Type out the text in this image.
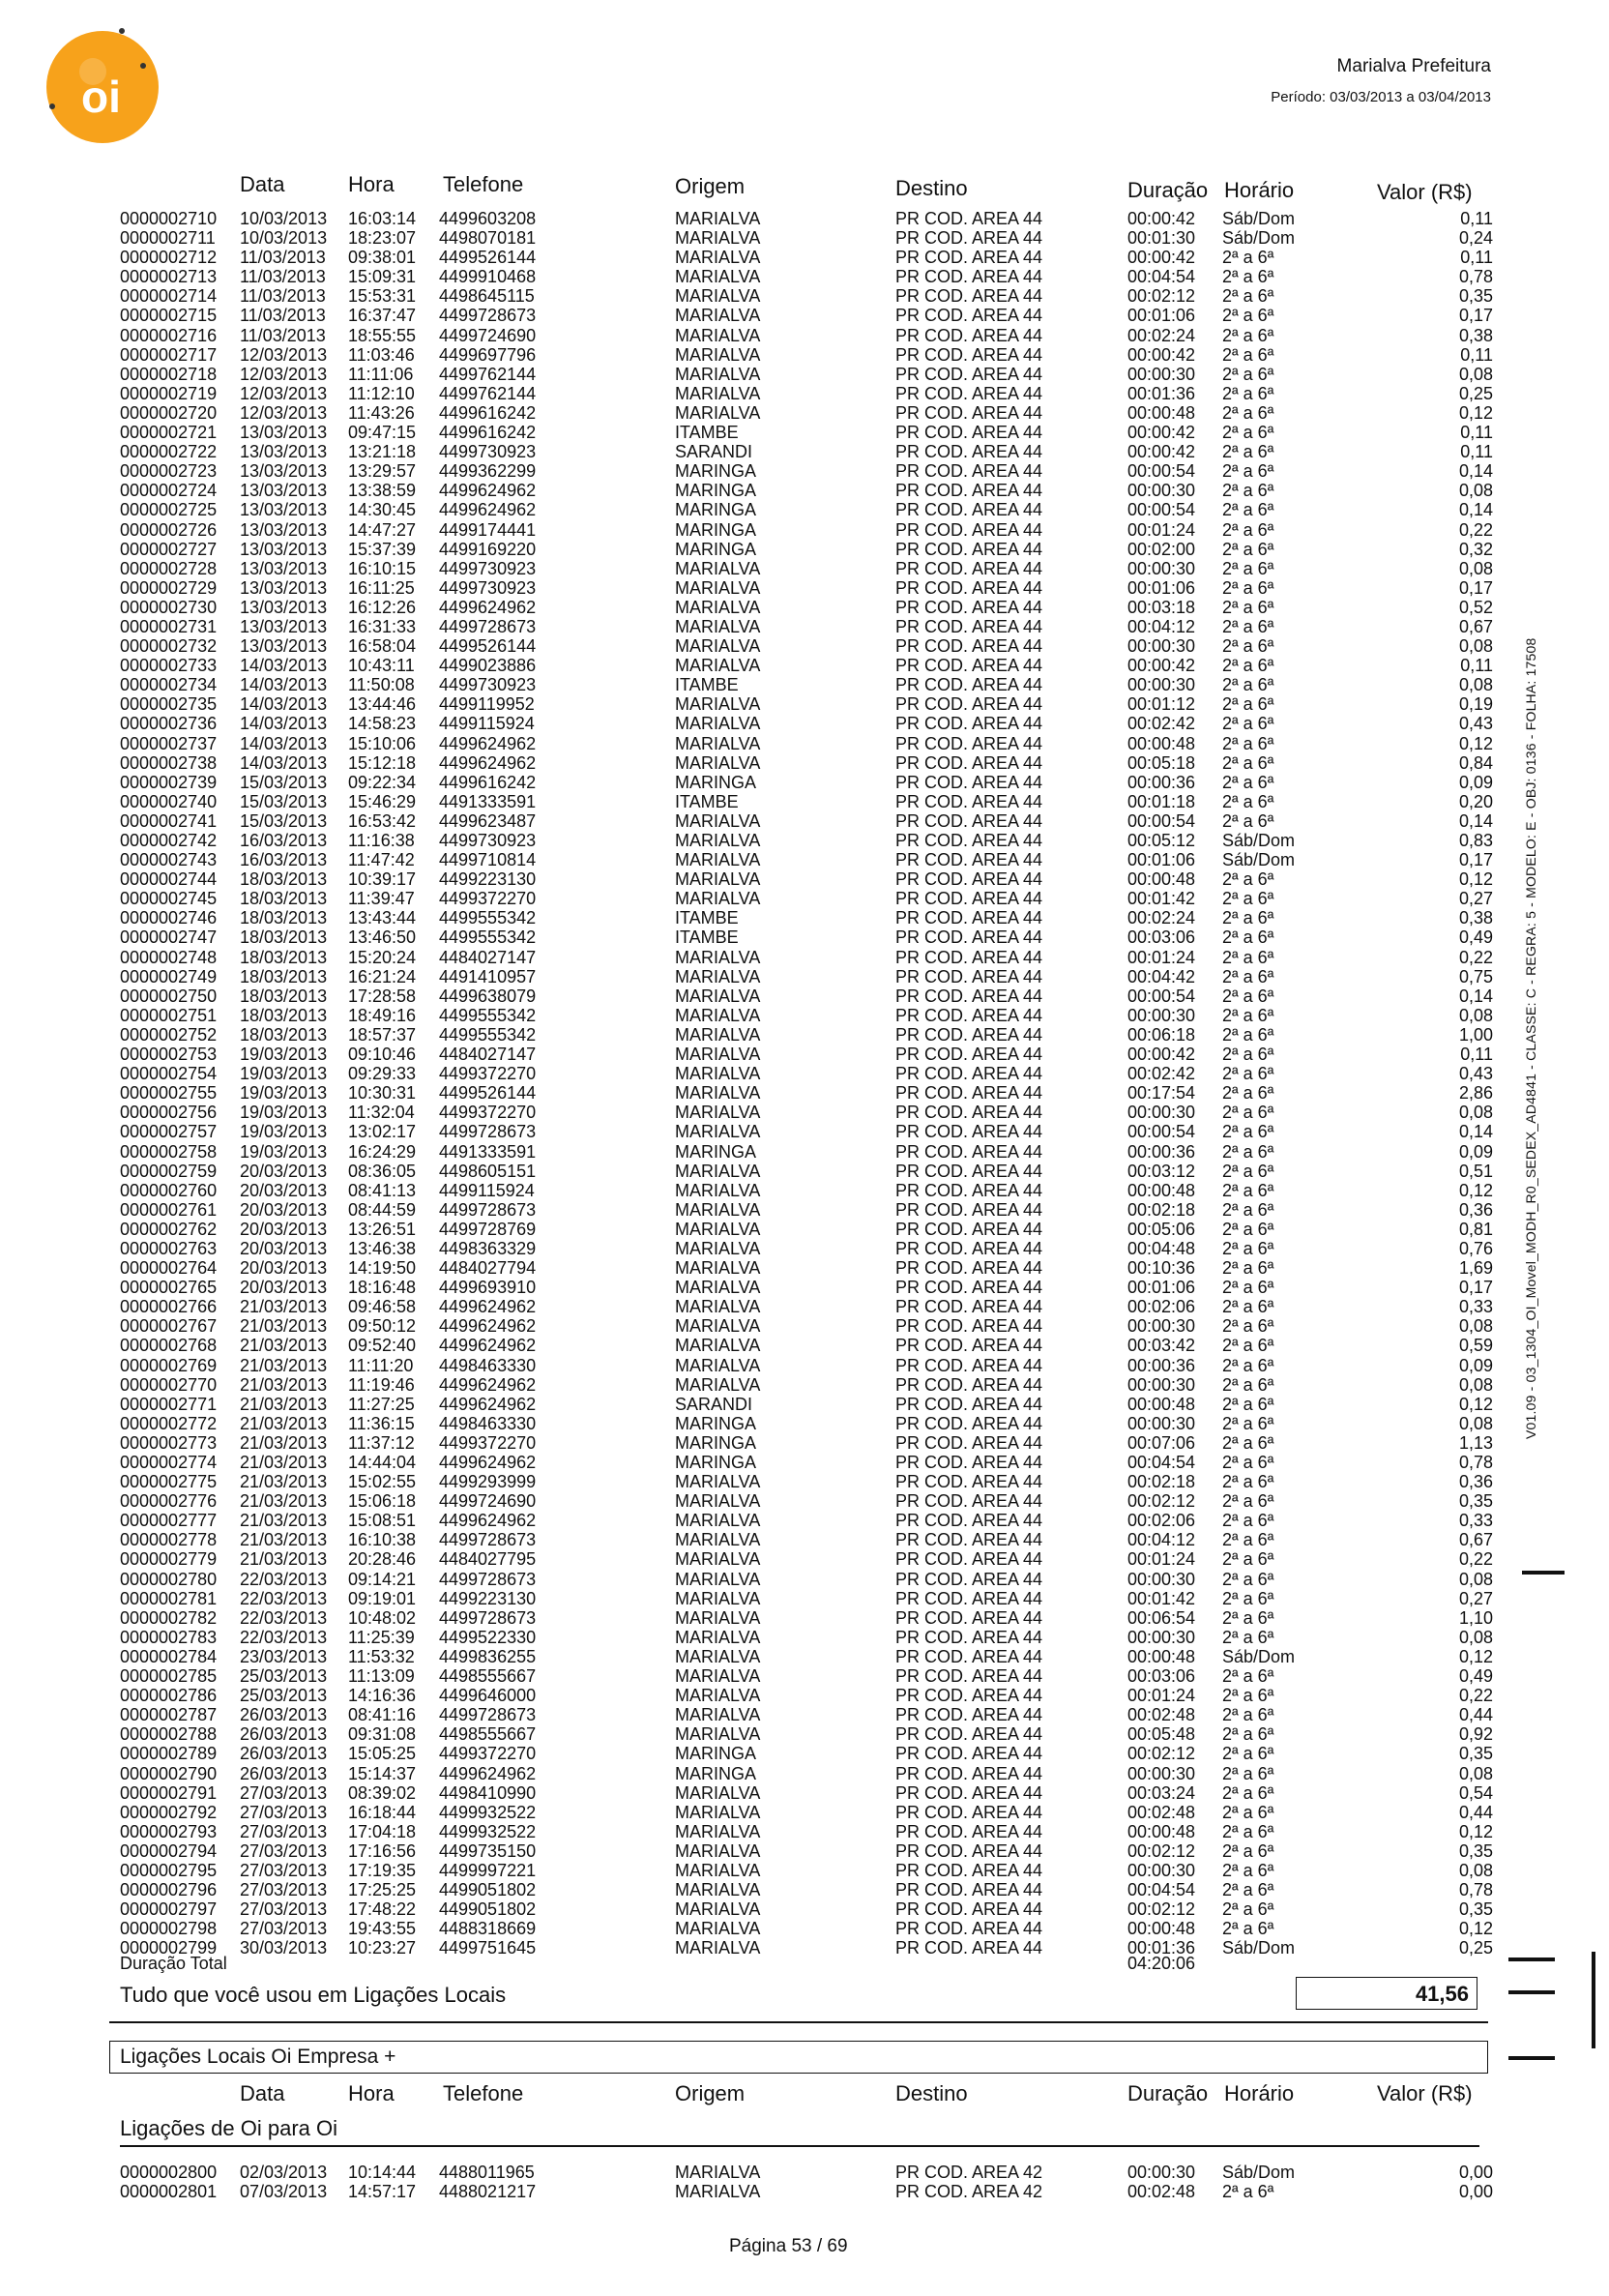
oi
Marialva Prefeitura
Período: 03/03/2013 a 03/04/2013
V01.09 - 03_1304_OI_Movel_MODH_R0_SEDEX_AD4841 - CLASSE: C - REGRA: 5 - MODELO: E - OBJ: 0136 - FOLHA: 17508
Data	Hora Telefone	Origem	Destino	Duração Horário	Valor (R$)
0000002710 10/03/2013 16:03:14 4499603208	MARIALVA	PR COD. AREA 44	00:00:42 Sáb/Dom	0,11
0000002711 10/03/2013 18:23:07 4498070181	MARIALVA	PR COD. AREA 44	00:01:30 Sáb/Dom	0,24
0000002712 11/03/2013 09:38:01 4499526144	MARIALVA	PR COD. AREA 44	00:00:42 2ª a 6ª	0,11
0000002713 11/03/2013 15:09:31 4499910468	MARIALVA	PR COD. AREA 44	00:04:54 2ª a 6ª	0,78
0000002714 11/03/2013 15:53:31 4498645115	MARIALVA	PR COD. AREA 44	00:02:12 2ª a 6ª	0,35
0000002715 11/03/2013 16:37:47 4499728673	MARIALVA	PR COD. AREA 44	00:01:06 2ª a 6ª	0,17
0000002716 11/03/2013 18:55:55 4499724690	MARIALVA	PR COD. AREA 44	00:02:24 2ª a 6ª	0,38
0000002717 12/03/2013 11:03:46 4499697796	MARIALVA	PR COD. AREA 44	00:00:42 2ª a 6ª	0,11
0000002718 12/03/2013 11:11:06 4499762144	MARIALVA	PR COD. AREA 44	00:00:30 2ª a 6ª	0,08
0000002719 12/03/2013 11:12:10 4499762144	MARIALVA	PR COD. AREA 44	00:01:36 2ª a 6ª	0,25
0000002720 12/03/2013 11:43:26 4499616242	MARIALVA	PR COD. AREA 44	00:00:48 2ª a 6ª	0,12
0000002721 13/03/2013 09:47:15 4499616242	ITAMBE	PR COD. AREA 44	00:00:42 2ª a 6ª	0,11
0000002722 13/03/2013 13:21:18 4499730923	SARANDI	PR COD. AREA 44	00:00:42 2ª a 6ª	0,11
0000002723 13/03/2013 13:29:57 4499362299	MARINGA	PR COD. AREA 44	00:00:54 2ª a 6ª	0,14
0000002724 13/03/2013 13:38:59 4499624962	MARINGA	PR COD. AREA 44	00:00:30 2ª a 6ª	0,08
0000002725 13/03/2013 14:30:45 4499624962	MARINGA	PR COD. AREA 44	00:00:54 2ª a 6ª	0,14
0000002726 13/03/2013 14:47:27 4499174441	MARINGA	PR COD. AREA 44	00:01:24 2ª a 6ª	0,22
0000002727 13/03/2013 15:37:39 4499169220	MARINGA	PR COD. AREA 44	00:02:00 2ª a 6ª	0,32
0000002728 13/03/2013 16:10:15 4499730923	MARIALVA	PR COD. AREA 44	00:00:30 2ª a 6ª	0,08
0000002729 13/03/2013 16:11:25 4499730923	MARIALVA	PR COD. AREA 44	00:01:06 2ª a 6ª	0,17
0000002730 13/03/2013 16:12:26 4499624962	MARIALVA	PR COD. AREA 44	00:03:18 2ª a 6ª	0,52
0000002731 13/03/2013 16:31:33 4499728673	MARIALVA	PR COD. AREA 44	00:04:12 2ª a 6ª	0,67
0000002732 13/03/2013 16:58:04 4499526144	MARIALVA	PR COD. AREA 44	00:00:30 2ª a 6ª	0,08
0000002733 14/03/2013 10:43:11 4499023886	MARIALVA	PR COD. AREA 44	00:00:42 2ª a 6ª	0,11
0000002734 14/03/2013 11:50:08 4499730923	ITAMBE	PR COD. AREA 44	00:00:30 2ª a 6ª	0,08
0000002735 14/03/2013 13:44:46 4499119952	MARIALVA	PR COD. AREA 44	00:01:12 2ª a 6ª	0,19
0000002736 14/03/2013 14:58:23 4499115924	MARIALVA	PR COD. AREA 44	00:02:42 2ª a 6ª	0,43
0000002737 14/03/2013 15:10:06 4499624962	MARIALVA	PR COD. AREA 44	00:00:48 2ª a 6ª	0,12
0000002738 14/03/2013 15:12:18 4499624962	MARIALVA	PR COD. AREA 44	00:05:18 2ª a 6ª	0,84
0000002739 15/03/2013 09:22:34 4499616242	MARINGA	PR COD. AREA 44	00:00:36 2ª a 6ª	0,09
0000002740 15/03/2013 15:46:29 4491333591	ITAMBE	PR COD. AREA 44	00:01:18 2ª a 6ª	0,20
0000002741 15/03/2013 16:53:42 4499623487	MARIALVA	PR COD. AREA 44	00:00:54 2ª a 6ª	0,14
0000002742 16/03/2013 11:16:38 4499730923	MARIALVA	PR COD. AREA 44	00:05:12 Sáb/Dom	0,83
0000002743 16/03/2013 11:47:42 4499710814	MARIALVA	PR COD. AREA 44	00:01:06 Sáb/Dom	0,17
0000002744 18/03/2013 10:39:17 4499223130	MARIALVA	PR COD. AREA 44	00:00:48 2ª a 6ª	0,12
0000002745 18/03/2013 11:39:47 4499372270	MARIALVA	PR COD. AREA 44	00:01:42 2ª a 6ª	0,27
0000002746 18/03/2013 13:43:44 4499555342	ITAMBE	PR COD. AREA 44	00:02:24 2ª a 6ª	0,38
0000002747 18/03/2013 13:46:50 4499555342	ITAMBE	PR COD. AREA 44	00:03:06 2ª a 6ª	0,49
0000002748 18/03/2013 15:20:24 4484027147	MARIALVA	PR COD. AREA 44	00:01:24 2ª a 6ª	0,22
0000002749 18/03/2013 16:21:24 4491410957	MARIALVA	PR COD. AREA 44	00:04:42 2ª a 6ª	0,75
0000002750 18/03/2013 17:28:58 4499638079	MARIALVA	PR COD. AREA 44	00:00:54 2ª a 6ª	0,14
0000002751 18/03/2013 18:49:16 4499555342	MARIALVA	PR COD. AREA 44	00:00:30 2ª a 6ª	0,08
0000002752 18/03/2013 18:57:37 4499555342	MARIALVA	PR COD. AREA 44	00:06:18 2ª a 6ª	1,00
0000002753 19/03/2013 09:10:46 4484027147	MARIALVA	PR COD. AREA 44	00:00:42 2ª a 6ª	0,11
0000002754 19/03/2013 09:29:33 4499372270	MARIALVA	PR COD. AREA 44	00:02:42 2ª a 6ª	0,43
0000002755 19/03/2013 10:30:31 4499526144	MARIALVA	PR COD. AREA 44	00:17:54 2ª a 6ª	2,86
0000002756 19/03/2013 11:32:04 4499372270	MARIALVA	PR COD. AREA 44	00:00:30 2ª a 6ª	0,08
0000002757 19/03/2013 13:02:17 4499728673	MARIALVA	PR COD. AREA 44	00:00:54 2ª a 6ª	0,14
0000002758 19/03/2013 16:24:29 4491333591	MARINGA	PR COD. AREA 44	00:00:36 2ª a 6ª	0,09
0000002759 20/03/2013 08:36:05 4498605151	MARIALVA	PR COD. AREA 44	00:03:12 2ª a 6ª	0,51
0000002760 20/03/2013 08:41:13 4499115924	MARIALVA	PR COD. AREA 44	00:00:48 2ª a 6ª	0,12
0000002761 20/03/2013 08:44:59 4499728673	MARIALVA	PR COD. AREA 44	00:02:18 2ª a 6ª	0,36
0000002762 20/03/2013 13:26:51 4499728769	MARIALVA	PR COD. AREA 44	00:05:06 2ª a 6ª	0,81
0000002763 20/03/2013 13:46:38 4498363329	MARIALVA	PR COD. AREA 44	00:04:48 2ª a 6ª	0,76
0000002764 20/03/2013 14:19:50 4484027794	MARIALVA	PR COD. AREA 44	00:10:36 2ª a 6ª	1,69
0000002765 20/03/2013 18:16:48 4499693910	MARIALVA	PR COD. AREA 44	00:01:06 2ª a 6ª	0,17
0000002766 21/03/2013 09:46:58 4499624962	MARIALVA	PR COD. AREA 44	00:02:06 2ª a 6ª	0,33
0000002767 21/03/2013 09:50:12 4499624962	MARIALVA	PR COD. AREA 44	00:00:30 2ª a 6ª	0,08
0000002768 21/03/2013 09:52:40 4499624962	MARIALVA	PR COD. AREA 44	00:03:42 2ª a 6ª	0,59
0000002769 21/03/2013 11:11:20 4498463330	MARIALVA	PR COD. AREA 44	00:00:36 2ª a 6ª	0,09
0000002770 21/03/2013 11:19:46 4499624962	MARIALVA	PR COD. AREA 44	00:00:30 2ª a 6ª	0,08
0000002771 21/03/2013 11:27:25 4499624962	SARANDI	PR COD. AREA 44	00:00:48 2ª a 6ª	0,12
0000002772 21/03/2013 11:36:15 4498463330	MARINGA	PR COD. AREA 44	00:00:30 2ª a 6ª	0,08
0000002773 21/03/2013 11:37:12 4499372270	MARINGA	PR COD. AREA 44	00:07:06 2ª a 6ª	1,13
0000002774 21/03/2013 14:44:04 4499624962	MARINGA	PR COD. AREA 44	00:04:54 2ª a 6ª	0,78
0000002775 21/03/2013 15:02:55 4499293999	MARIALVA	PR COD. AREA 44	00:02:18 2ª a 6ª	0,36
0000002776 21/03/2013 15:06:18 4499724690	MARIALVA	PR COD. AREA 44	00:02:12 2ª a 6ª	0,35
0000002777 21/03/2013 15:08:51 4499624962	MARIALVA	PR COD. AREA 44	00:02:06 2ª a 6ª	0,33
0000002778 21/03/2013 16:10:38 4499728673	MARIALVA	PR COD. AREA 44	00:04:12 2ª a 6ª	0,67
0000002779 21/03/2013 20:28:46 4484027795	MARIALVA	PR COD. AREA 44	00:01:24 2ª a 6ª	0,22
0000002780 22/03/2013 09:14:21 4499728673	MARIALVA	PR COD. AREA 44	00:00:30 2ª a 6ª	0,08
0000002781 22/03/2013 09:19:01 4499223130	MARIALVA	PR COD. AREA 44	00:01:42 2ª a 6ª	0,27
0000002782 22/03/2013 10:48:02 4499728673	MARIALVA	PR COD. AREA 44	00:06:54 2ª a 6ª	1,10
0000002783 22/03/2013 11:25:39 4499522330	MARIALVA	PR COD. AREA 44	00:00:30 2ª a 6ª	0,08
0000002784 23/03/2013 11:53:32 4499836255	MARIALVA	PR COD. AREA 44	00:00:48 Sáb/Dom	0,12
0000002785 25/03/2013 11:13:09 4498555667	MARIALVA	PR COD. AREA 44	00:03:06 2ª a 6ª	0,49
0000002786 25/03/2013 14:16:36 4499646000	MARIALVA	PR COD. AREA 44	00:01:24 2ª a 6ª	0,22
0000002787 26/03/2013 08:41:16 4499728673	MARIALVA	PR COD. AREA 44	00:02:48 2ª a 6ª	0,44
0000002788 26/03/2013 09:31:08 4498555667	MARIALVA	PR COD. AREA 44	00:05:48 2ª a 6ª	0,92
0000002789 26/03/2013 15:05:25 4499372270	MARINGA	PR COD. AREA 44	00:02:12 2ª a 6ª	0,35
0000002790 26/03/2013 15:14:37 4499624962	MARINGA	PR COD. AREA 44	00:00:30 2ª a 6ª	0,08
0000002791 27/03/2013 08:39:02 4498410990	MARIALVA	PR COD. AREA 44	00:03:24 2ª a 6ª	0,54
0000002792 27/03/2013 16:18:44 4499932522	MARIALVA	PR COD. AREA 44	00:02:48 2ª a 6ª	0,44
0000002793 27/03/2013 17:04:18 4499932522	MARIALVA	PR COD. AREA 44	00:00:48 2ª a 6ª	0,12
0000002794 27/03/2013 17:16:56 4499735150	MARIALVA	PR COD. AREA 44	00:02:12 2ª a 6ª	0,35
0000002795 27/03/2013 17:19:35 4499997221	MARIALVA	PR COD. AREA 44	00:00:30 2ª a 6ª	0,08
0000002796 27/03/2013 17:25:25 4499051802	MARIALVA	PR COD. AREA 44	00:04:54 2ª a 6ª	0,78
0000002797 27/03/2013 17:48:22 4499051802	MARIALVA	PR COD. AREA 44	00:02:12 2ª a 6ª	0,35
0000002798 27/03/2013 19:43:55 4488318669	MARIALVA	PR COD. AREA 44	00:00:48 2ª a 6ª	0,12
0000002799 30/03/2013 10:23:27 4499751645	MARIALVA	PR COD. AREA 44	00:01:36 Sáb/Dom	0,25
Duração Total	04:20:06
Tudo que você usou em Ligações Locais	41,56
Ligações Locais Oi Empresa +
Data	Hora Telefone	Origem	Destino	Duração Horário	Valor (R$)
Ligações de Oi para Oi
0000002800 02/03/2013 10:14:44 4488011965	MARIALVA	PR COD. AREA 42	00:00:30 Sáb/Dom	0,00
0000002801 07/03/2013 14:57:17 4488021217	MARIALVA	PR COD. AREA 42	00:02:48 2ª a 6ª	0,00
Página 53 / 69
